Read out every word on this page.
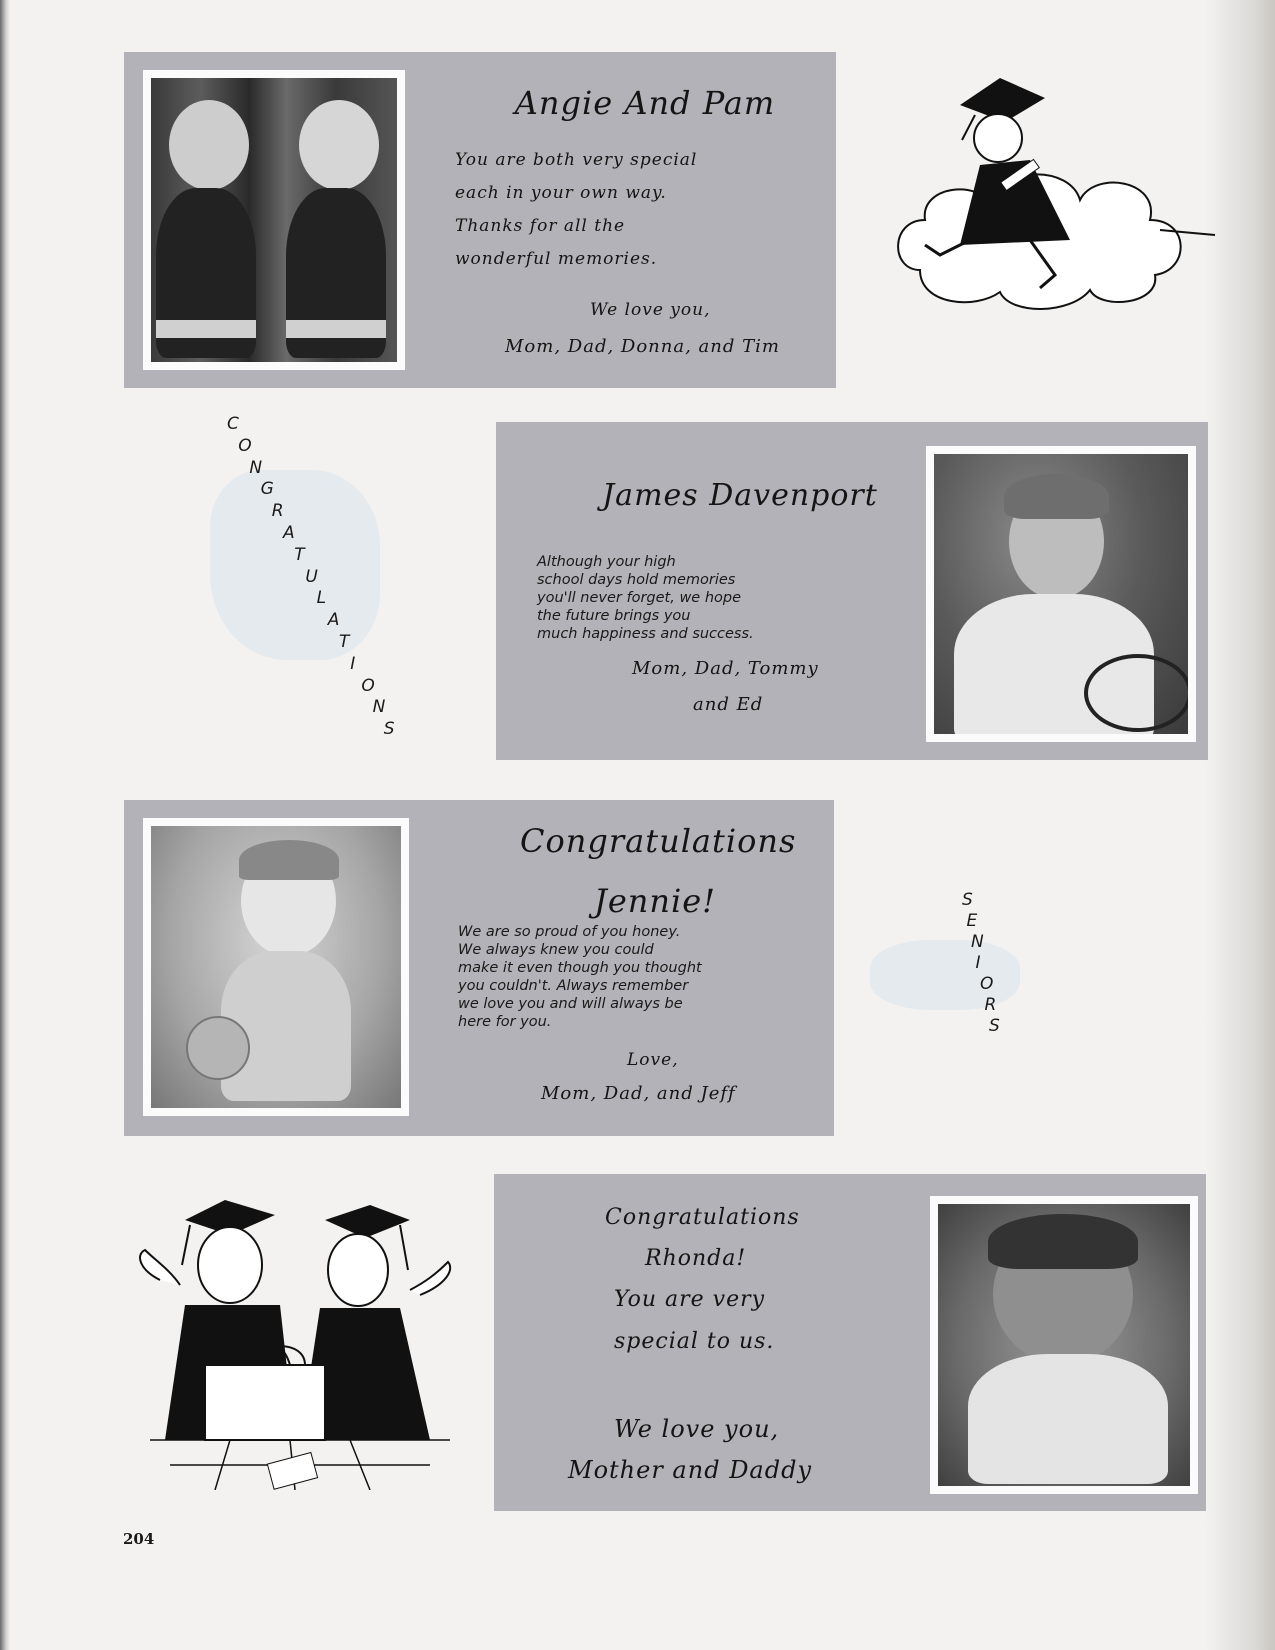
Angie And Pam
You are both very special
each in your own way.
Thanks for all the
wonderful memories.
We love you,
Mom, Dad, Donna, and Tim
C
O
N
G
R
A
T
U
L
A
T
I
O
N
S
James Davenport
Although your high
school days hold memories
you'll never forget, we hope
the future brings you
much happiness and success.
Mom, Dad, Tommy
and Ed
Congratulations
Jennie!
We are so proud of you honey.
We always knew you could
make it even though you thought
you couldn't. Always remember
we love you and will always be
here for you.
Love,
Mom, Dad, and Jeff
S
E
N
I
O
R
S
Congratulations
Rhonda!
You are very
special to us.
We love you,
Mother and Daddy
204
